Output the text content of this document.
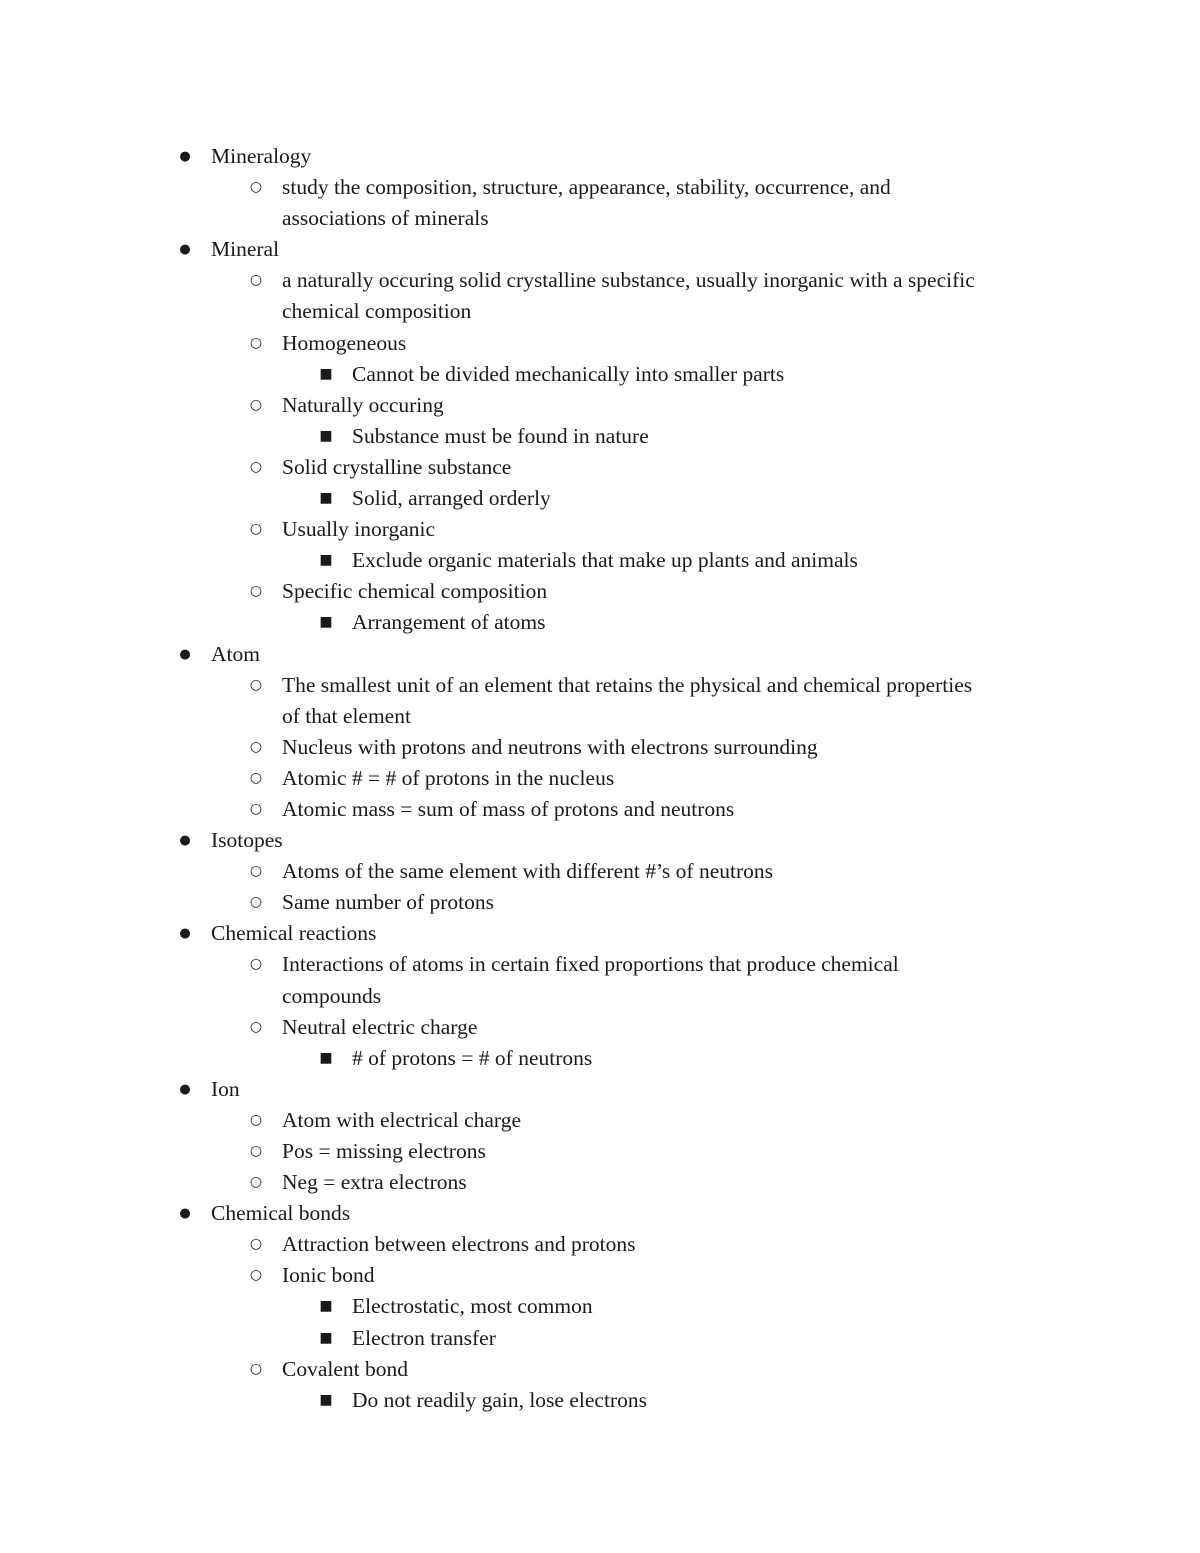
● Mineralogy
○ study the composition, structure, appearance, stability, occurrence, and
associations of minerals
● Mineral
○ a naturally occuring solid crystalline substance, usually inorganic with a specific
chemical composition
○ Homogeneous
■ Cannot be divided mechanically into smaller parts
○ Naturally occuring
■ Substance must be found in nature
○ Solid crystalline substance
■ Solid, arranged orderly
○ Usually inorganic
■ Exclude organic materials that make up plants and animals
○ Specific chemical composition
■ Arrangement of atoms
● Atom
○ The smallest unit of an element that retains the physical and chemical properties
of that element
○ Nucleus with protons and neutrons with electrons surrounding
○ Atomic # = # of protons in the nucleus
○ Atomic mass = sum of mass of protons and neutrons
● Isotopes
○ Atoms of the same element with different #’s of neutrons
○ Same number of protons
● Chemical reactions
○ Interactions of atoms in certain fixed proportions that produce chemical
compounds
○ Neutral electric charge
■ # of protons = # of neutrons
● Ion
○ Atom with electrical charge
○ Pos = missing electrons
○ Neg = extra electrons
● Chemical bonds
○ Attraction between electrons and protons
○ Ionic bond
■ Electrostatic, most common
■ Electron transfer
○ Covalent bond
■ Do not readily gain, lose electrons
